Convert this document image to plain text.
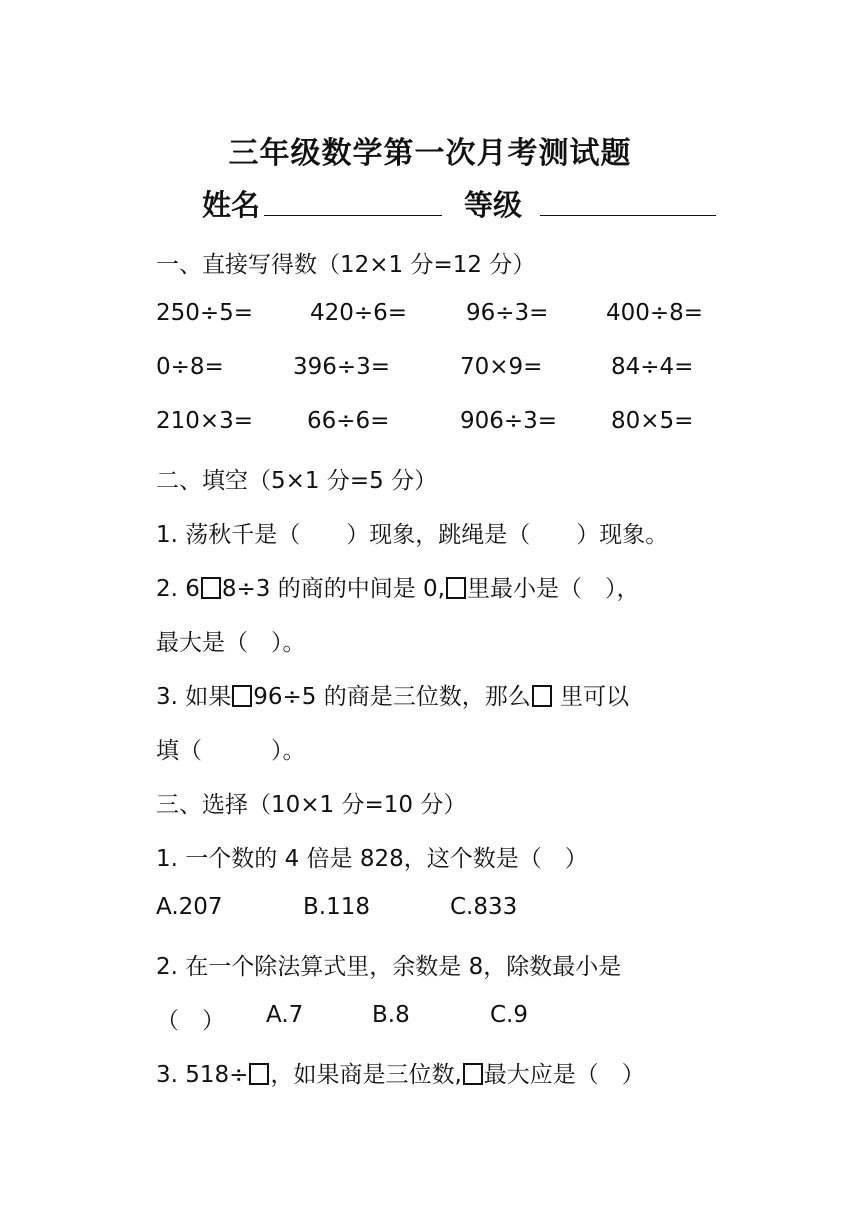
三年级数学第一次月考测试题
姓名	等级
一、直接写得数（12×1 分=12 分）
250÷5= 420÷6=	96÷3=	400÷8=
0÷8=	396÷3=	70×9=	84÷4=
210×3= 66÷6=	906÷3= 80×5=
二、填空（5×1 分=5 分）
1. 荡秋千是（　　）现象，跳绳是（　　）现象。
2. 6 8÷3 的商的中间是 0, 里最小是（　），
最大是（　）。
3. 如果 96÷5 的商是三位数，那么 里可以
填（　　　）。
三、选择（10×1 分=10 分）
1. 一个数的 4 倍是 828，这个数是（　）
A.207	B.118	C.833
2. 在一个除法算式里，余数是 8，除数最小是
（　） A.7	B.8	C.9
3. 518÷ ，如果商是三位数, 最大应是（　）
